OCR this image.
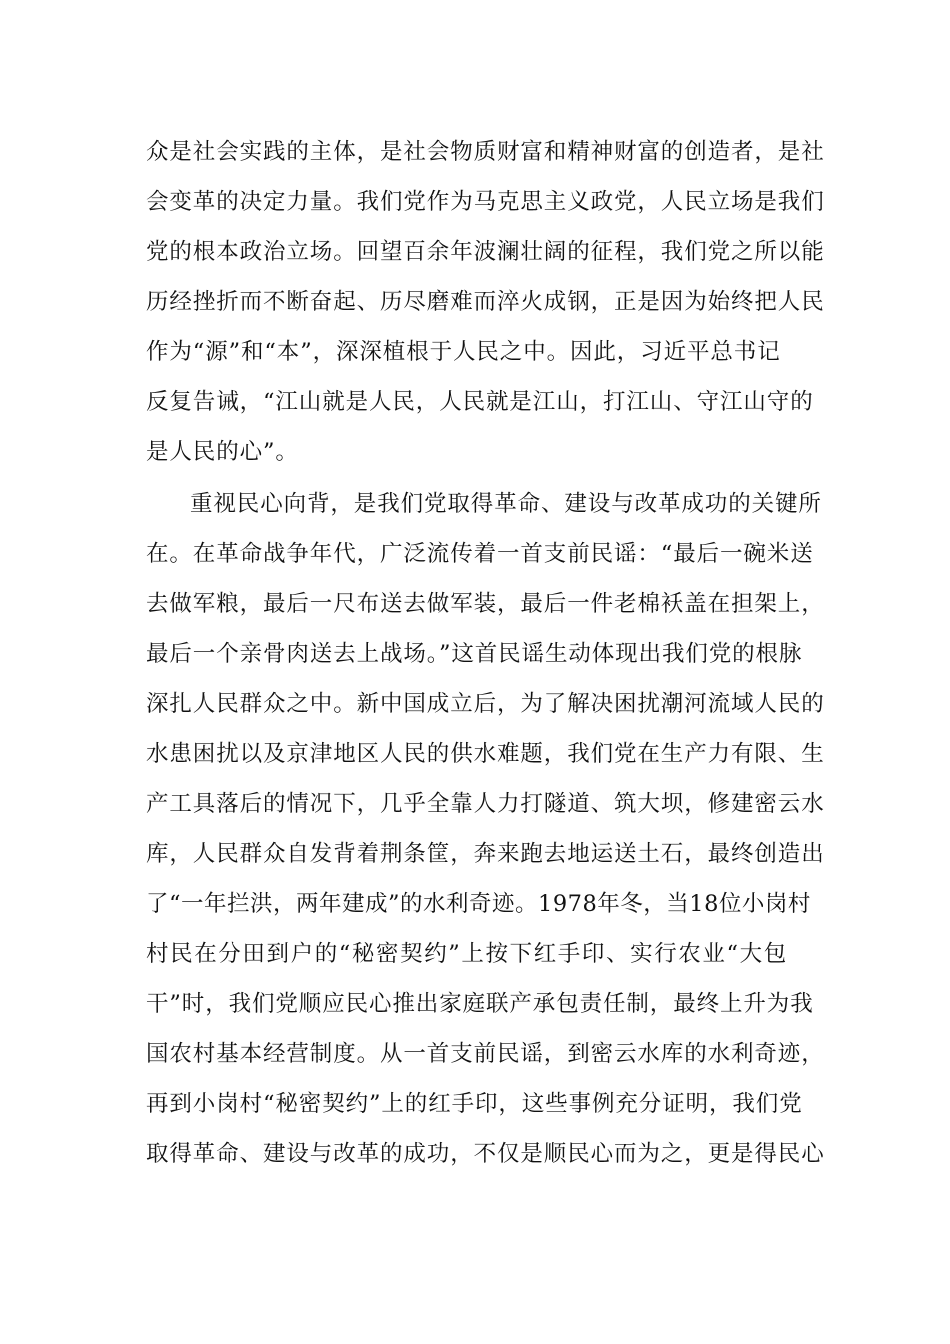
众是社会实践的主体，是社会物质财富和精神财富的创造者，是社
会变革的决定力量。我们党作为马克思主义政党，人民立场是我们
党的根本政治立场。回望百余年波澜壮阔的征程，我们党之所以能
历经挫折而不断奋起、历尽磨难而淬火成钢，正是因为始终把人民
作为“源”和“本”，深深植根于人民之中。因此，习近平总书记
反复告诫，“江山就是人民，人民就是江山，打江山、守江山守的
是人民的心”。
重视民心向背，是我们党取得革命、建设与改革成功的关键所
在。在革命战争年代，广泛流传着一首支前民谣：“最后一碗米送
去做军粮，最后一尺布送去做军装，最后一件老棉袄盖在担架上，
最后一个亲骨肉送去上战场。”这首民谣生动体现出我们党的根脉
深扎人民群众之中。新中国成立后，为了解决困扰潮河流域人民的
水患困扰以及京津地区人民的供水难题，我们党在生产力有限、生
产工具落后的情况下，几乎全靠人力打隧道、筑大坝，修建密云水
库，人民群众自发背着荆条筐，奔来跑去地运送土石，最终创造出
了“一年拦洪，两年建成”的水利奇迹。1978年冬，当18位小岗村
村民在分田到户的“秘密契约”上按下红手印、实行农业“大包
干”时，我们党顺应民心推出家庭联产承包责任制，最终上升为我
国农村基本经营制度。从一首支前民谣，到密云水库的水利奇迹，
再到小岗村“秘密契约”上的红手印，这些事例充分证明，我们党
取得革命、建设与改革的成功，不仅是顺民心而为之，更是得民心
